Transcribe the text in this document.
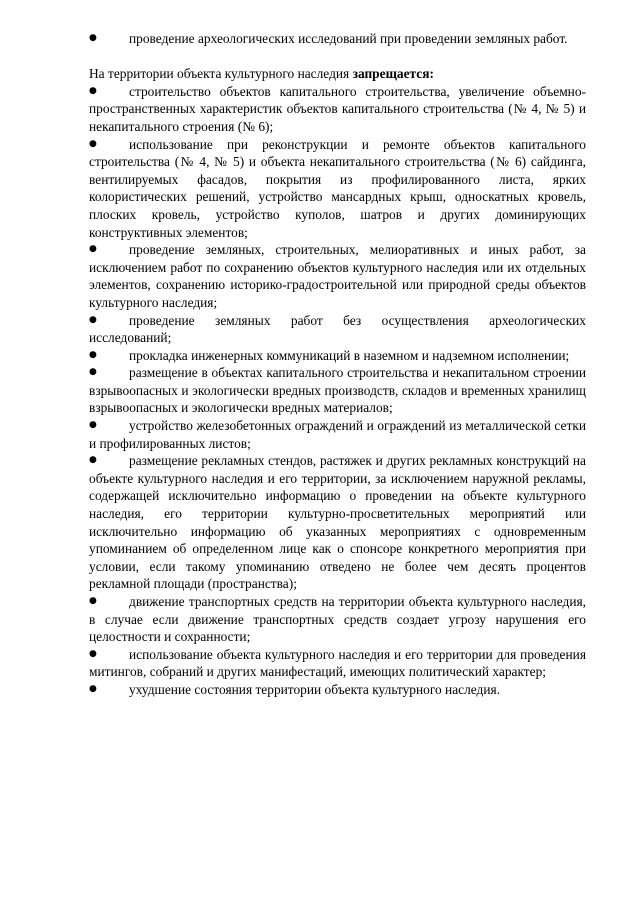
● проведение археологических исследований при проведении земляных работ.
На территории объекта культурного наследия запрещается:
● строительство объектов капитального строительства, увеличение объемно-пространственных характеристик объектов капитального строительства (№ 4, № 5) и некапитального строения (№ 6);
● использование при реконструкции и ремонте объектов капитального строительства (№ 4, № 5) и объекта некапитального строительства (№ 6) сайдинга, вентилируемых фасадов, покрытия из профилированного листа, ярких колористических решений, устройство мансардных крыш, односкатных кровель, плоских кровель, устройство куполов, шатров и других доминирующих конструктивных элементов;
● проведение земляных, строительных, мелиоративных и иных работ, за исключением работ по сохранению объектов культурного наследия или их отдельных элементов, сохранению историко-градостроительной или природной среды объектов культурного наследия;
● проведение земляных работ без осуществления археологических исследований;
● прокладка инженерных коммуникаций в наземном и надземном исполнении;
● размещение в объектах капитального строительства и некапитальном строении взрывоопасных и экологически вредных производств, складов и временных хранилищ взрывоопасных и экологически вредных материалов;
● устройство железобетонных ограждений и ограждений из металлической сетки и профилированных листов;
● размещение рекламных стендов, растяжек и других рекламных конструкций на объекте культурного наследия и его территории, за исключением наружной рекламы, содержащей исключительно информацию о проведении на объекте культурного наследия, его территории культурно-просветительных мероприятий или исключительно информацию об указанных мероприятиях с одновременным упоминанием об определенном лице как о спонсоре конкретного мероприятия при условии, если такому упоминанию отведено не более чем десять процентов рекламной площади (пространства);
● движение транспортных средств на территории объекта культурного наследия, в случае если движение транспортных средств создает угрозу нарушения его целостности и сохранности;
● использование объекта культурного наследия и его территории для проведения митингов, собраний и других манифестаций, имеющих политический характер;
● ухудшение состояния территории объекта культурного наследия.
